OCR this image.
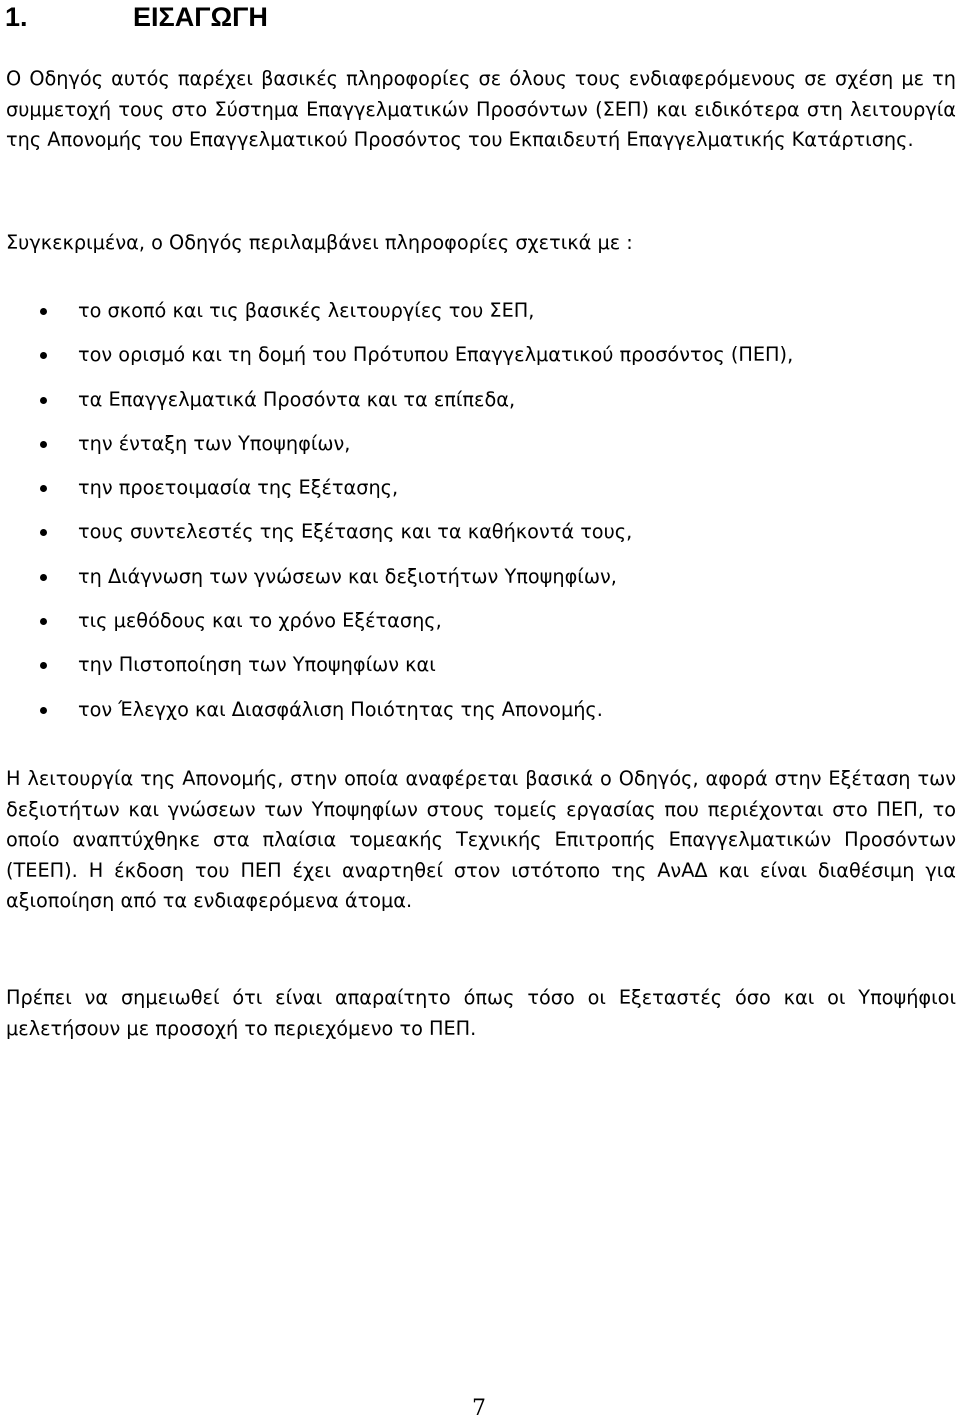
1.	ΕΙΣΑΓΩΓΗ

Ο Οδηγός αυτός παρέχει βασικές πληροφορίες σε όλους τους ενδιαφερόμενους σε σχέση με τη συμμετοχή τους στο Σύστημα Επαγγελματικών Προσόντων (ΣΕΠ) και ειδικότερα στη λειτουργία της Απονομής του Επαγγελματικού Προσόντος του Εκπαιδευτή Επαγγελματικής Κατάρτισης.

Συγκεκριμένα, ο Οδηγός περιλαμβάνει πληροφορίες σχετικά με :

το σκοπό και τις βασικές λειτουργίες του ΣΕΠ,
τον ορισμό και τη δομή του Πρότυπου Επαγγελματικού προσόντος (ΠΕΠ),
τα Επαγγελματικά Προσόντα και τα επίπεδα,
την ένταξη των Υποψηφίων,
την προετοιμασία της Εξέτασης,
τους συντελεστές της Εξέτασης και τα καθήκοντά τους,
τη Διάγνωση των γνώσεων και δεξιοτήτων Υποψηφίων,
τις μεθόδους και το χρόνο Εξέτασης,
την Πιστοποίηση των Υποψηφίων και
τον Έλεγχο και Διασφάλιση Ποιότητας της Απονομής.

Η λειτουργία της Απονομής, στην οποία αναφέρεται βασικά ο Οδηγός, αφορά στην Εξέταση των δεξιοτήτων και γνώσεων των Υποψηφίων στους τομείς εργασίας που περιέχονται στο ΠΕΠ, το οποίο αναπτύχθηκε στα πλαίσια τομεακής Τεχνικής Επιτροπής Επαγγελματικών Προσόντων (ΤΕΕΠ). Η έκδοση του ΠΕΠ έχει αναρτηθεί στον ιστότοπο της ΑνΑΔ και είναι διαθέσιμη για αξιοποίηση από τα ενδιαφερόμενα άτομα.

Πρέπει να σημειωθεί ότι είναι απαραίτητο όπως τόσο οι Εξεταστές όσο και οι Υποψήφιοι μελετήσουν με προσοχή το περιεχόμενο το ΠΕΠ.

7
